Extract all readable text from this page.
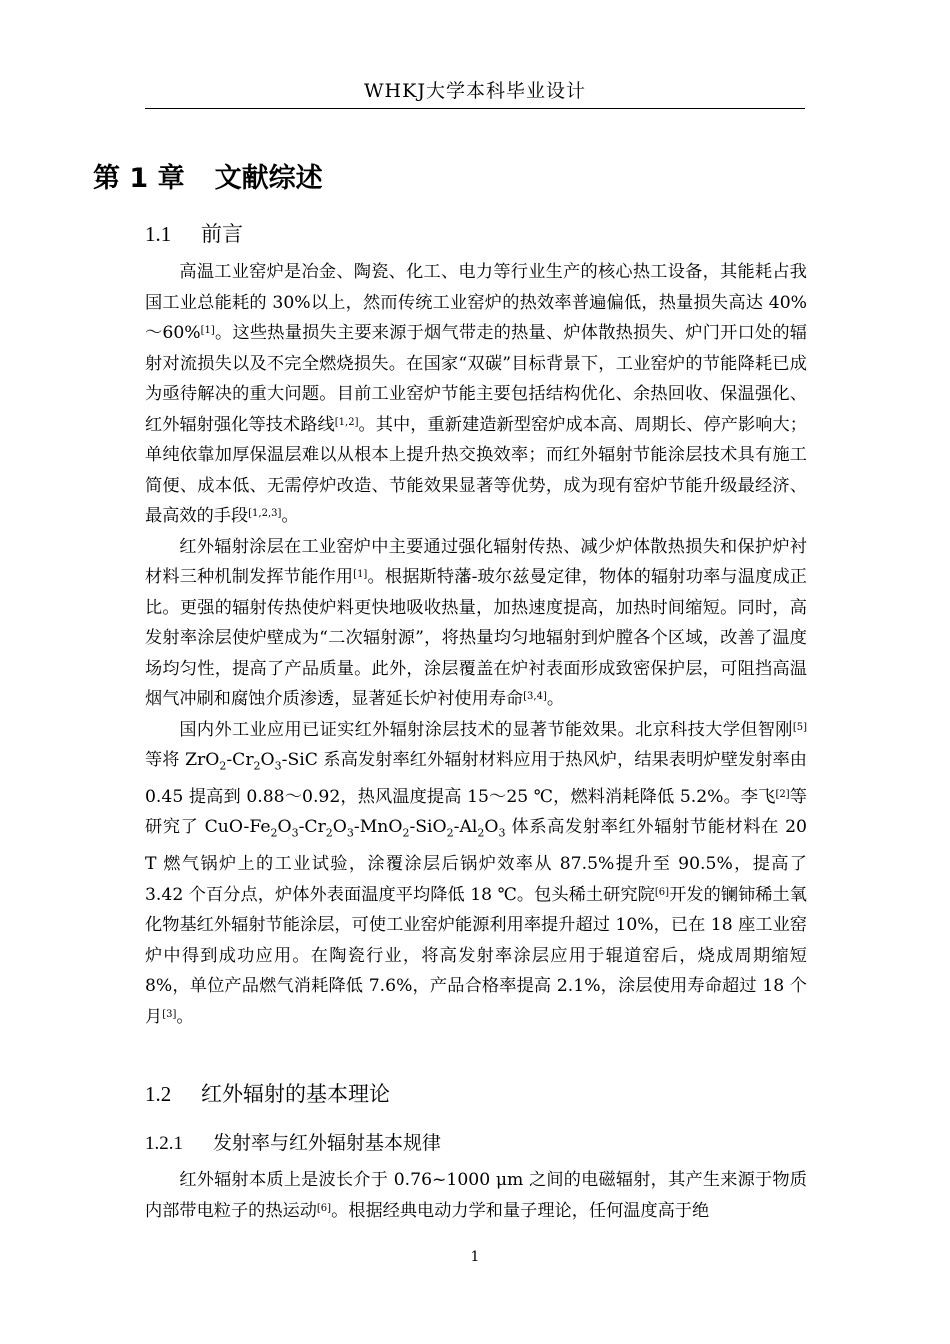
WHKJ大学本科毕业设计
第 1 章 文献综述
1.1 前言

高温工业窑炉是冶金、陶瓷、化工、电力等行业生产的核心热工设备，其能耗占我国工业总能耗的 30%以上，然而传统工业窑炉的热效率普遍偏低，热量损失高达 40%～60%[1]。这些热量损失主要来源于烟气带走的热量、炉体散热损失、炉门开口处的辐射对流损失以及不完全燃烧损失。在国家“双碳”目标背景下，工业窑炉的节能降耗已成为亟待解决的重大问题。目前工业窑炉节能主要包括结构优化、余热回收、保温强化、红外辐射强化等技术路线[1,2]。其中，重新建造新型窑炉成本高、周期长、停产影响大；单纯依靠加厚保温层难以从根本上提升热交换效率；而红外辐射节能涂层技术具有施工简便、成本低、无需停炉改造、节能效果显著等优势，成为现有窑炉节能升级最经济、最高效的手段[1,2,3]。

红外辐射涂层在工业窑炉中主要通过强化辐射传热、减少炉体散热损失和保护炉衬材料三种机制发挥节能作用[1]。根据斯特藩-玻尔兹曼定律，物体的辐射功率与温度成正比。更强的辐射传热使炉料更快地吸收热量，加热速度提高，加热时间缩短。同时，高发射率涂层使炉壁成为“二次辐射源”，将热量均匀地辐射到炉膛各个区域，改善了温度场均匀性，提高了产品质量。此外，涂层覆盖在炉衬表面形成致密保护层，可阻挡高温烟气冲刷和腐蚀介质渗透，显著延长炉衬使用寿命[3,4]。

国内外工业应用已证实红外辐射涂层技术的显著节能效果。北京科技大学但智刚[5]等将 $ZrO_2-Cr_2O_3$-SiC 系高发射率红外辐射材料应用于热风炉，结果表明炉壁发射率由 0.45 提高到 0.88～0.92，热风温度提高 15～25 ℃，燃料消耗降低 5.2%。李飞[2]等研究了 CuO-$Fe_2O_3-Cr_2O_3-MnO_2-SiO_2-Al_2O_3$ 体系高发射率红外辐射节能材料在 20 T 燃气锅炉上的工业试验，涂覆涂层后锅炉效率从 87.5%提升至 90.5%，提高了 3.42 个百分点，炉体外表面温度平均降低 18 ℃。包头稀土研究院[6]开发的镧铈稀土氧化物基红外辐射节能涂层，可使工业窑炉能源利用率提升超过 10%，已在 18 座工业窑炉中得到成功应用。在陶瓷行业，将高发射率涂层应用于辊道窑后，烧成周期缩短 8%，单位产品燃气消耗降低 7.6%，产品合格率提高 2.1%，涂层使用寿命超过 18 个月[3]。

1.2 红外辐射的基本理论
1.2.1 发射率与红外辐射基本规律

红外辐射本质上是波长介于 0.76~1000 μm 之间的电磁辐射，其产生来源于物质内部带电粒子的热运动[6]。根据经典电动力学和量子理论，任何温度高于绝

1
